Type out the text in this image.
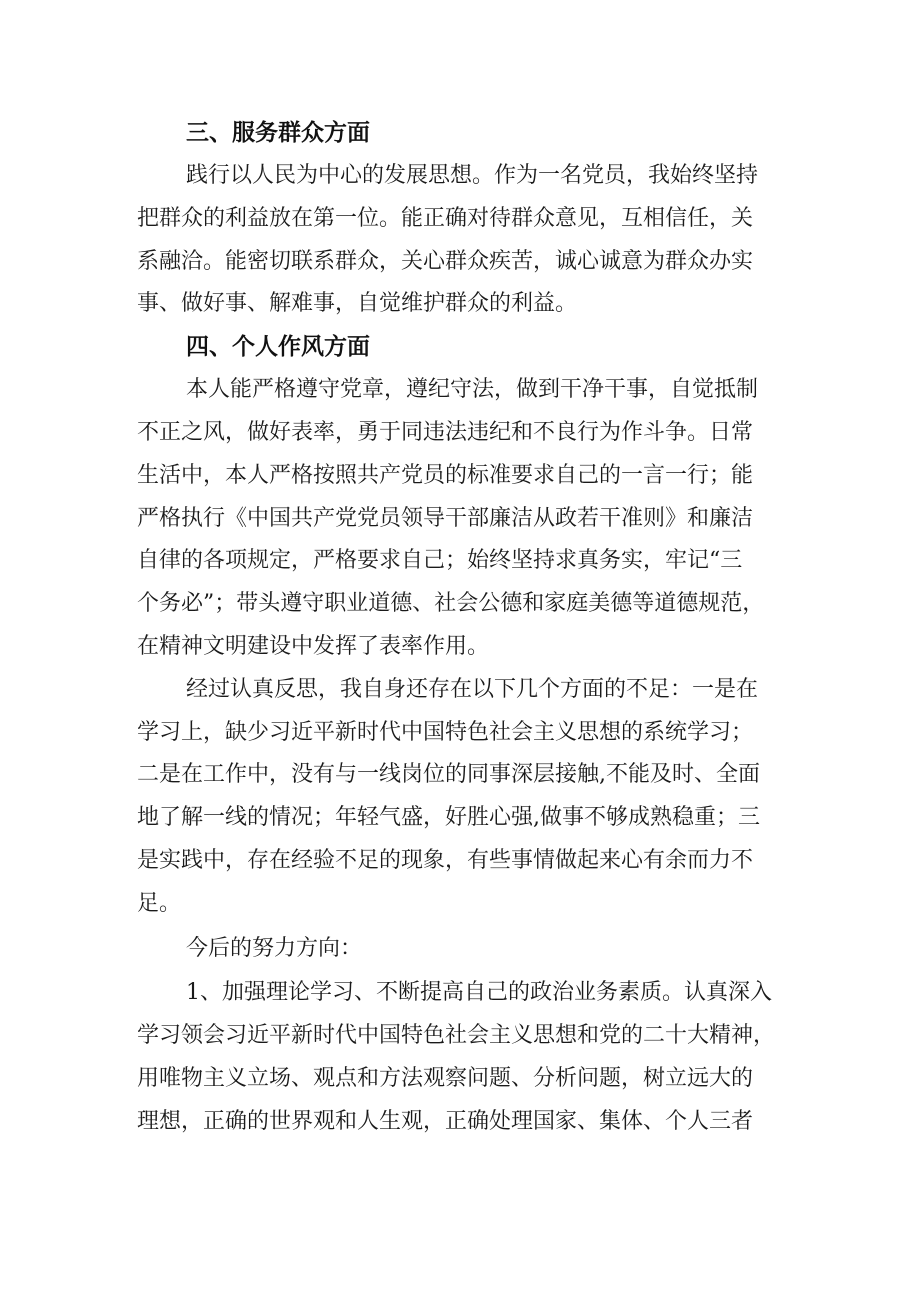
三、服务群众方面
践行以人民为中心的发展思想。作为一名党员，我始终坚持
把群众的利益放在第一位。能正确对待群众意见，互相信任，关
系融洽。能密切联系群众，关心群众疾苦，诚心诚意为群众办实
事、做好事、解难事，自觉维护群众的利益。
四、个人作风方面
本人能严格遵守党章，遵纪守法，做到干净干事，自觉抵制
不正之风，做好表率，勇于同违法违纪和不良行为作斗争。日常
生活中，本人严格按照共产党员的标准要求自己的一言一行；能
严格执行《中国共产党党员领导干部廉洁从政若干准则》和廉洁
自律的各项规定，严格要求自己；始终坚持求真务实，牢记“三
个务必”；带头遵守职业道德、社会公德和家庭美德等道德规范，
在精神文明建设中发挥了表率作用。
经过认真反思，我自身还存在以下几个方面的不足：一是在
学习上，缺少习近平新时代中国特色社会主义思想的系统学习；
二是在工作中，没有与一线岗位的同事深层接触,不能及时、全面
地了解一线的情况；年轻气盛，好胜心强,做事不够成熟稳重；三
是实践中，存在经验不足的现象，有些事情做起来心有余而力不
足。
今后的努力方向：
1、加强理论学习、不断提高自己的政治业务素质。认真深入
学习领会习近平新时代中国特色社会主义思想和党的二十大精神，
用唯物主义立场、观点和方法观察问题、分析问题，树立远大的
理想，正确的世界观和人生观，正确处理国家、集体、个人三者
